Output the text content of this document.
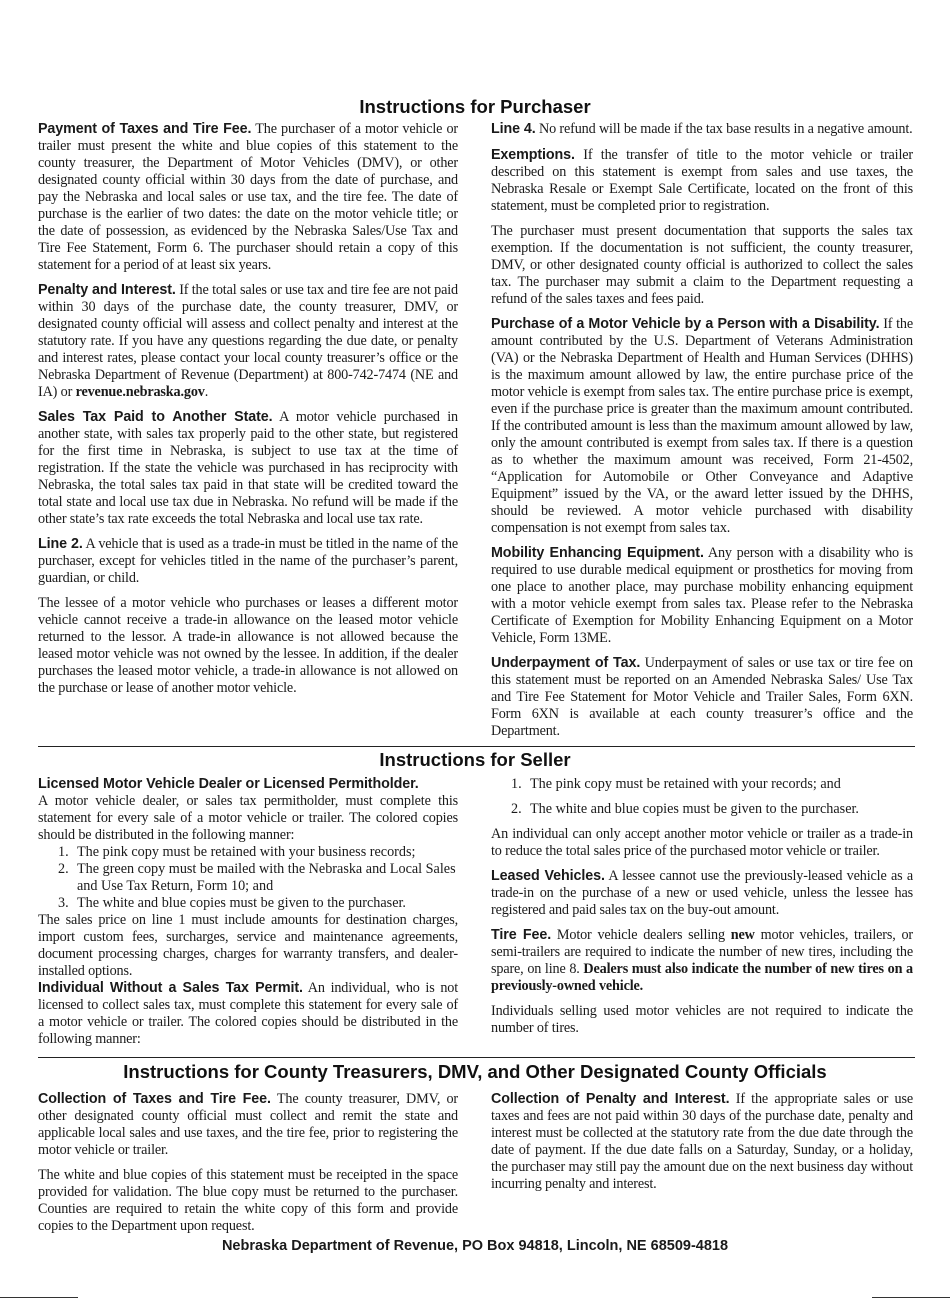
Instructions for Purchaser

Payment of Taxes and Tire Fee. The purchaser of a motor vehicle or trailer must present the white and blue copies of this statement to the county treasurer, the Department of Motor Vehicles (DMV), or other designated county official within 30 days from the date of purchase, and pay the Nebraska and local sales or use tax, and the tire fee. The date of purchase is the earlier of two dates: the date on the motor vehicle title; or the date of possession, as evidenced by the Nebraska Sales/Use Tax and Tire Fee Statement, Form 6. The purchaser should retain a copy of this statement for a period of at least six years.

Penalty and Interest. If the total sales or use tax and tire fee are not paid within 30 days of the purchase date, the county treasurer, DMV, or designated county official will assess and collect penalty and interest at the statutory rate. If you have any questions regarding the due date, or penalty and interest rates, please contact your local county treasurer’s office or the Nebraska Department of Revenue (Department) at 800-742-7474 (NE and IA) or revenue.nebraska.gov.

Sales Tax Paid to Another State. A motor vehicle purchased in another state, with sales tax properly paid to the other state, but registered for the first time in Nebraska, is subject to use tax at the time of registration. If the state the vehicle was purchased in has reciprocity with Nebraska, the total sales tax paid in that state will be credited toward the total state and local use tax due in Nebraska. No refund will be made if the other state’s tax rate exceeds the total Nebraska and local use tax rate.

Line 2. A vehicle that is used as a trade-in must be titled in the name of the purchaser, except for vehicles titled in the name of the purchaser’s parent, guardian, or child.

The lessee of a motor vehicle who purchases or leases a different motor vehicle cannot receive a trade-in allowance on the leased motor vehicle returned to the lessor. A trade-in allowance is not allowed because the leased motor vehicle was not owned by the lessee. In addition, if the dealer purchases the leased motor vehicle, a trade-in allowance is not allowed on the purchase or lease of another motor vehicle.

Line 4. No refund will be made if the tax base results in a negative amount.

Exemptions. If the transfer of title to the motor vehicle or trailer described on this statement is exempt from sales and use taxes, the Nebraska Resale or Exempt Sale Certificate, located on the front of this statement, must be completed prior to registration.

The purchaser must present documentation that supports the sales tax exemption. If the documentation is not sufficient, the county treasurer, DMV, or other designated county official is authorized to collect the sales tax. The purchaser may submit a claim to the Department requesting a refund of the sales taxes and fees paid.

Purchase of a Motor Vehicle by a Person with a Disability. If the amount contributed by the U.S. Department of Veterans Administration (VA) or the Nebraska Department of Health and Human Services (DHHS) is the maximum amount allowed by law, the entire purchase price of the motor vehicle is exempt from sales tax. The entire purchase price is exempt, even if the purchase price is greater than the maximum amount contributed. If the contributed amount is less than the maximum amount allowed by law, only the amount contributed is exempt from sales tax. If there is a question as to whether the maximum amount was received, Form 21-4502, “Application for Automobile or Other Conveyance and Adaptive Equipment” issued by the VA, or the award letter issued by the DHHS, should be reviewed. A motor vehicle purchased with disability compensation is not exempt from sales tax.

Mobility Enhancing Equipment. Any person with a disability who is required to use durable medical equipment or prosthetics for moving from one place to another place, may purchase mobility enhancing equipment with a motor vehicle exempt from sales tax. Please refer to the Nebraska Certificate of Exemption for Mobility Enhancing Equipment on a Motor Vehicle, Form 13ME.

Underpayment of Tax. Underpayment of sales or use tax or tire fee on this statement must be reported on an Amended Nebraska Sales/ Use Tax and Tire Fee Statement for Motor Vehicle and Trailer Sales, Form 6XN. Form 6XN is available at each county treasurer’s office and the Department.

Instructions for Seller
Licensed Motor Vehicle Dealer or Licensed Permitholder.

A motor vehicle dealer, or sales tax permitholder, must complete this statement for every sale of a motor vehicle or trailer. The colored copies should be distributed in the following manner:

1. The pink copy must be retained with your business records;
2. The green copy must be mailed with the Nebraska and Local Sales and Use Tax Return, Form 10; and
3. The white and blue copies must be given to the purchaser.

The sales price on line 1 must include amounts for destination charges, import custom fees, surcharges, service and maintenance agreements, document processing charges, charges for warranty transfers, and dealer-installed options.

Individual Without a Sales Tax Permit. An individual, who is not licensed to collect sales tax, must complete this statement for every sale of a motor vehicle or trailer. The colored copies should be distributed in the following manner:

1. The pink copy must be retained with your records; and
2. The white and blue copies must be given to the purchaser.

An individual can only accept another motor vehicle or trailer as a trade-in to reduce the total sales price of the purchased motor vehicle or trailer.

Leased Vehicles. A lessee cannot use the previously-leased vehicle as a trade-in on the purchase of a new or used vehicle, unless the lessee has registered and paid sales tax on the buy-out amount.

Tire Fee. Motor vehicle dealers selling new motor vehicles, trailers, or semi-trailers are required to indicate the number of new tires, including the spare, on line 8. Dealers must also indicate the number of new tires on a previously-owned vehicle.

Individuals selling used motor vehicles are not required to indicate the number of tires.

Instructions for County Treasurers, DMV, and Other Designated County Officials

Collection of Taxes and Tire Fee. The county treasurer, DMV, or other designated county official must collect and remit the state and applicable local sales and use taxes, and the tire fee, prior to registering the motor vehicle or trailer.

The white and blue copies of this statement must be receipted in the space provided for validation. The blue copy must be returned to the purchaser. Counties are required to retain the white copy of this form and provide copies to the Department upon request.

Collection of Penalty and Interest. If the appropriate sales or use taxes and fees are not paid within 30 days of the purchase date, penalty and interest must be collected at the statutory rate from the due date through the date of payment. If the due date falls on a Saturday, Sunday, or a holiday, the purchaser may still pay the amount due on the next business day without incurring penalty and interest.

Nebraska Department of Revenue, PO Box 94818, Lincoln, NE 68509-4818
